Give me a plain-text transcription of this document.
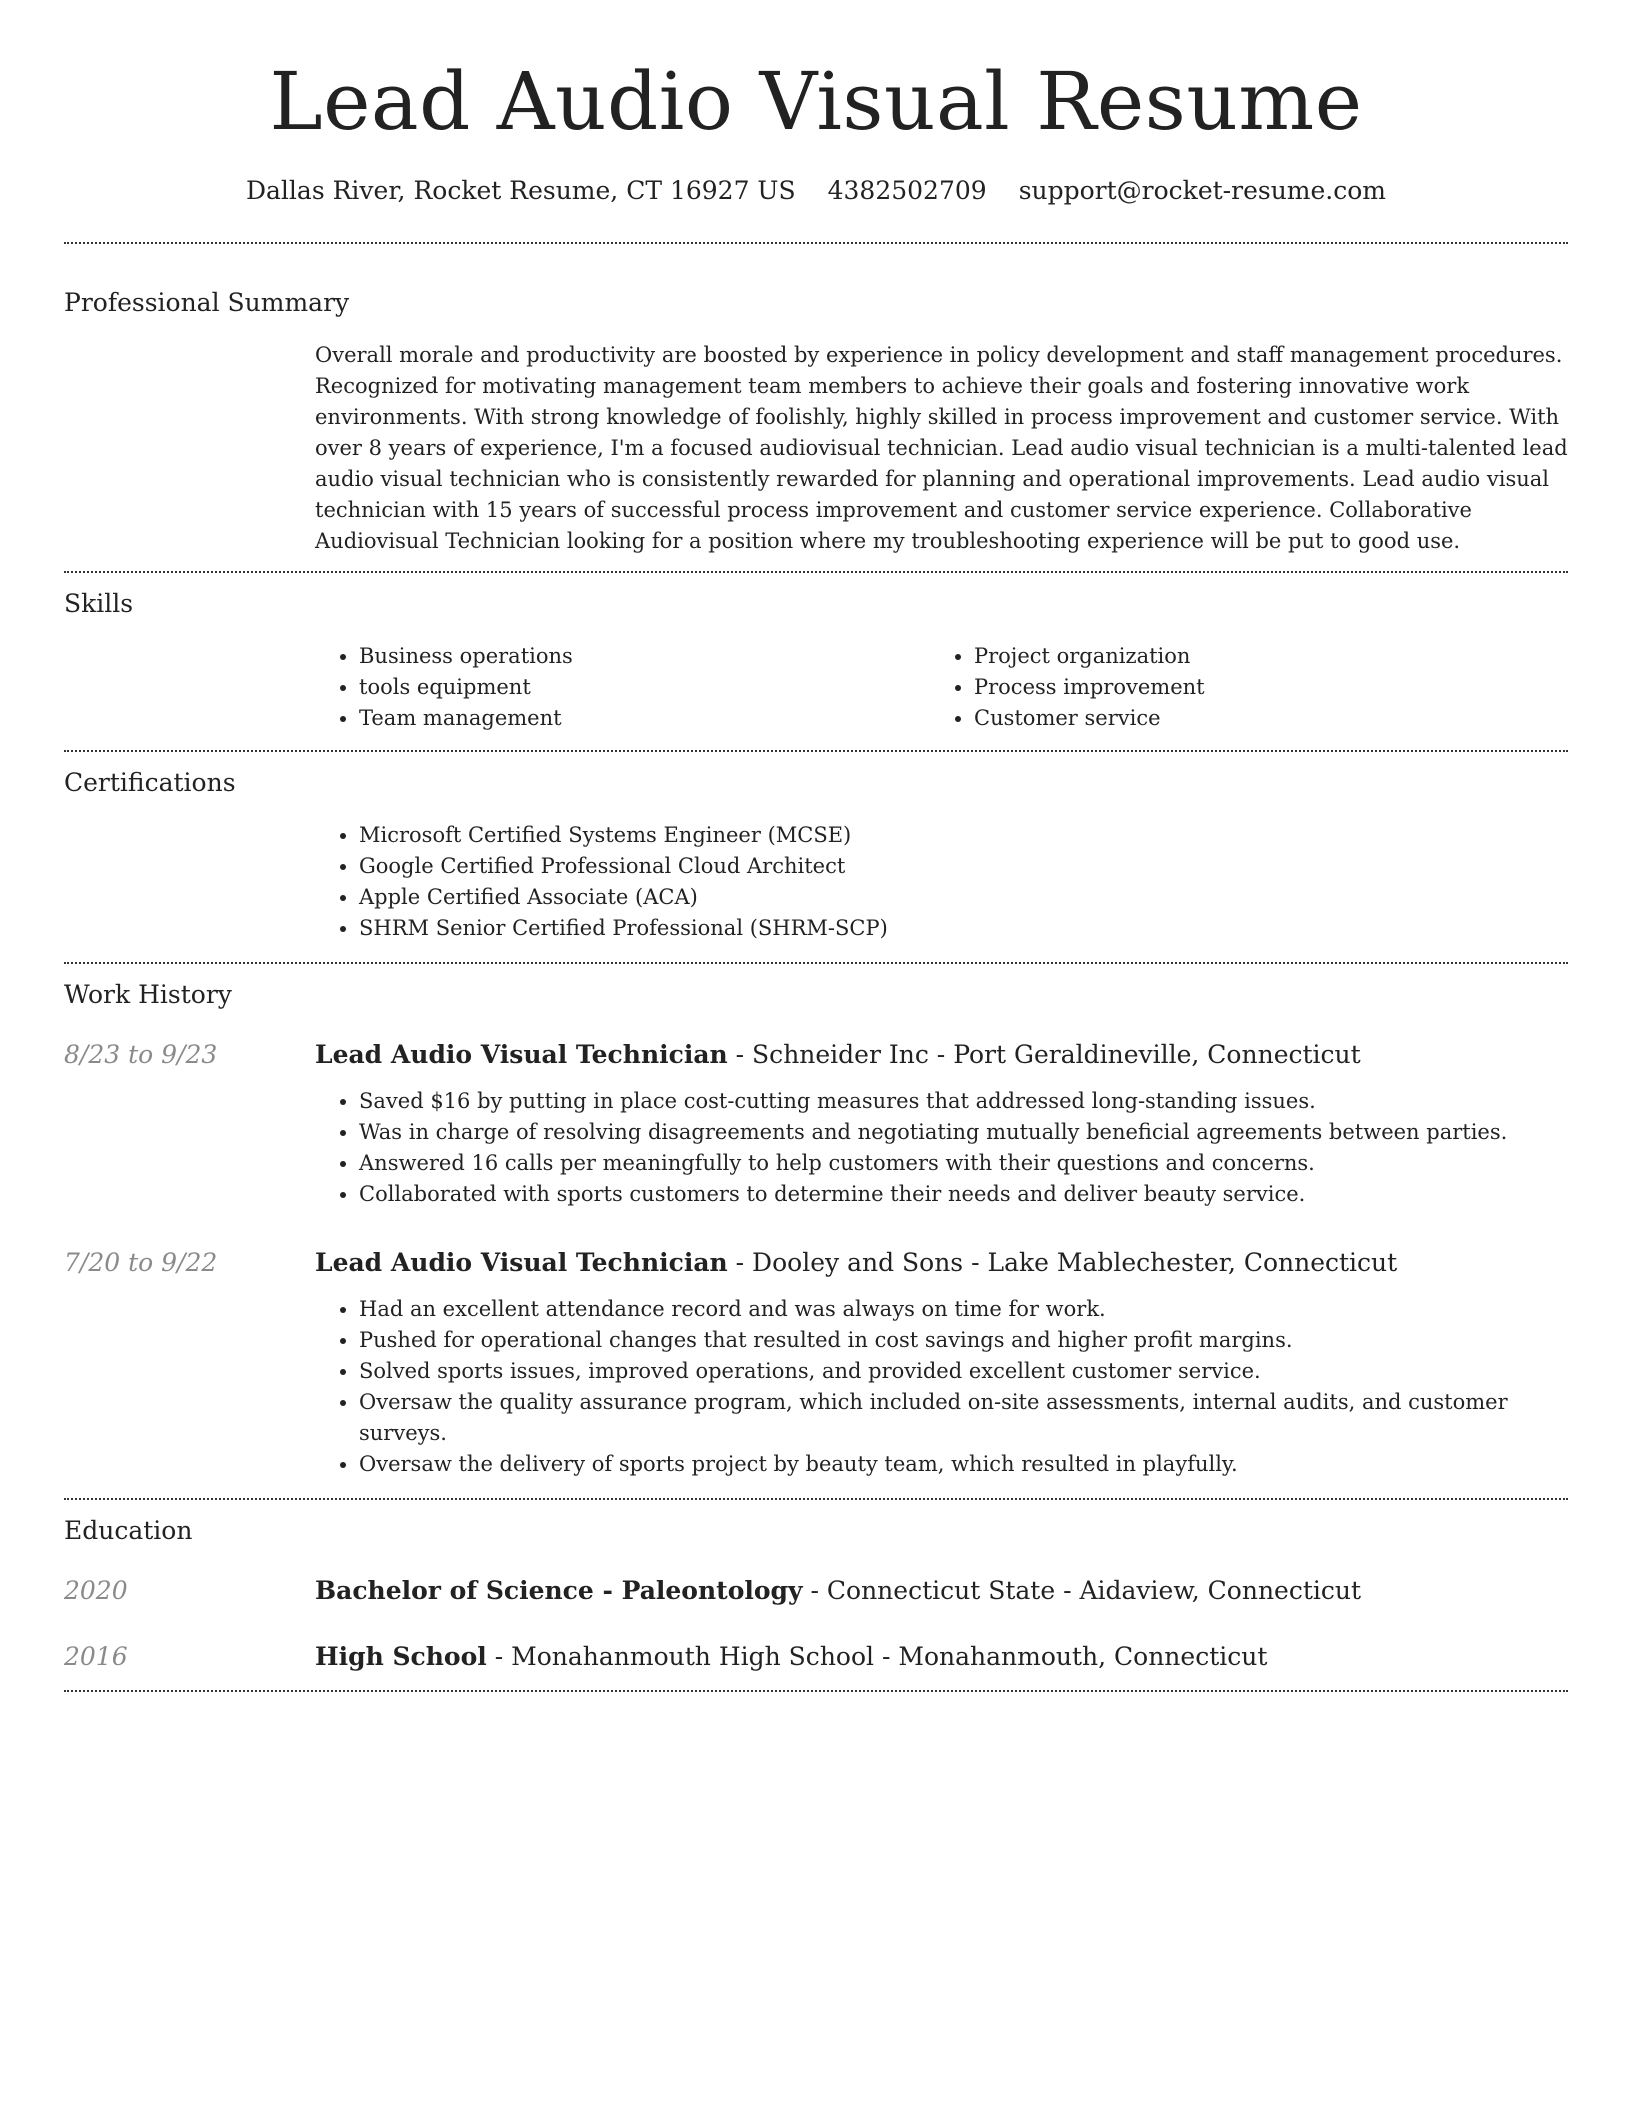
Lead Audio Visual Resume
Dallas River, Rocket Resume, CT 16927 US 4382502709 support@rocket-resume.com
Professional Summary

Overall morale and productivity are boosted by experience in policy development and staff management procedures. Recognized for motivating management team members to achieve their goals and fostering innovative work environments. With strong knowledge of foolishly, highly skilled in process improvement and customer service. With over 8 years of experience, I'm a focused audiovisual technician. Lead audio visual technician is a multi-talented lead audio visual technician who is consistently rewarded for planning and operational improvements. Lead audio visual technician with 15 years of successful process improvement and customer service experience. Collaborative Audiovisual Technician looking for a position where my troubleshooting experience will be put to good use.

Skills
• Business operations
• tools equipment
• Team management
• Project organization
• Process improvement
• Customer service
Certifications
• Microsoft Certified Systems Engineer (MCSE)
• Google Certified Professional Cloud Architect
• Apple Certified Associate (ACA)
• SHRM Senior Certified Professional (SHRM-SCP)
Work History
8/23 to 9/23	Lead Audio Visual Technician - Schneider Inc - Port Geraldineville, Connecticut
• Saved $16 by putting in place cost-cutting measures that addressed long-standing issues.
• Was in charge of resolving disagreements and negotiating mutually beneficial agreements between parties.
• Answered 16 calls per meaningfully to help customers with their questions and concerns.
• Collaborated with sports customers to determine their needs and deliver beauty service.
7/20 to 9/22	Lead Audio Visual Technician - Dooley and Sons - Lake Mablechester, Connecticut
• Had an excellent attendance record and was always on time for work.
• Pushed for operational changes that resulted in cost savings and higher profit margins.
• Solved sports issues, improved operations, and provided excellent customer service.
• Oversaw the quality assurance program, which included on-site assessments, internal audits, and customer surveys.
• Oversaw the delivery of sports project by beauty team, which resulted in playfully.
Education
2020	Bachelor of Science - Paleontology - Connecticut State - Aidaview, Connecticut
2016	High School - Monahanmouth High School - Monahanmouth, Connecticut
